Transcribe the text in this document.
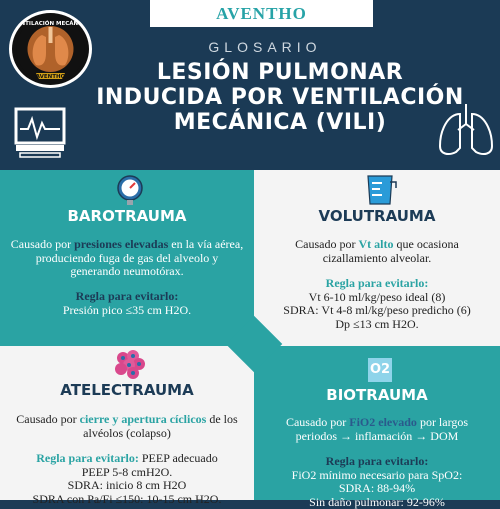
AVENTHO
VENTILACIÓN MECÁNICA
AVENTHO
GLOSARIO
LESIÓN PULMONAR
INDUCIDA POR VENTILACIÓN
MECÁNICA (VILI)
BAROTRAUMA
Causado por presiones elevadas en la vía aérea, produciendo fuga de gas del alveolo y generando neumotórax.
Regla para evitarlo:
Presión pico ≤35 cm H2O.
VOLUTRAUMA
Causado por Vt alto que ocasiona cizallamiento alveolar.
Regla para evitarlo:
Vt 6-10 ml/kg/peso ideal (8)
SDRA: Vt 4-8 ml/kg/peso predicho (6)
Dp ≤13 cm H2O.
ATELECTRAUMA
Causado por cierre y apertura cíclicos de los alvéolos (colapso)
Regla para evitarlo: PEEP adecuado
PEEP 5-8 cmH2O.
SDRA: inicio 8 cm H2O
SDRA con Pa/Fi ≤150: 10-15 cm H2O.
O2
BIOTRAUMA
Causado por FiO2 elevado por largos periodos → inflamación → DOM
Regla para evitarlo:
FiO2 mínimo necesario para SpO2:
SDRA: 88-94%
Sin daño pulmonar: 92-96%
